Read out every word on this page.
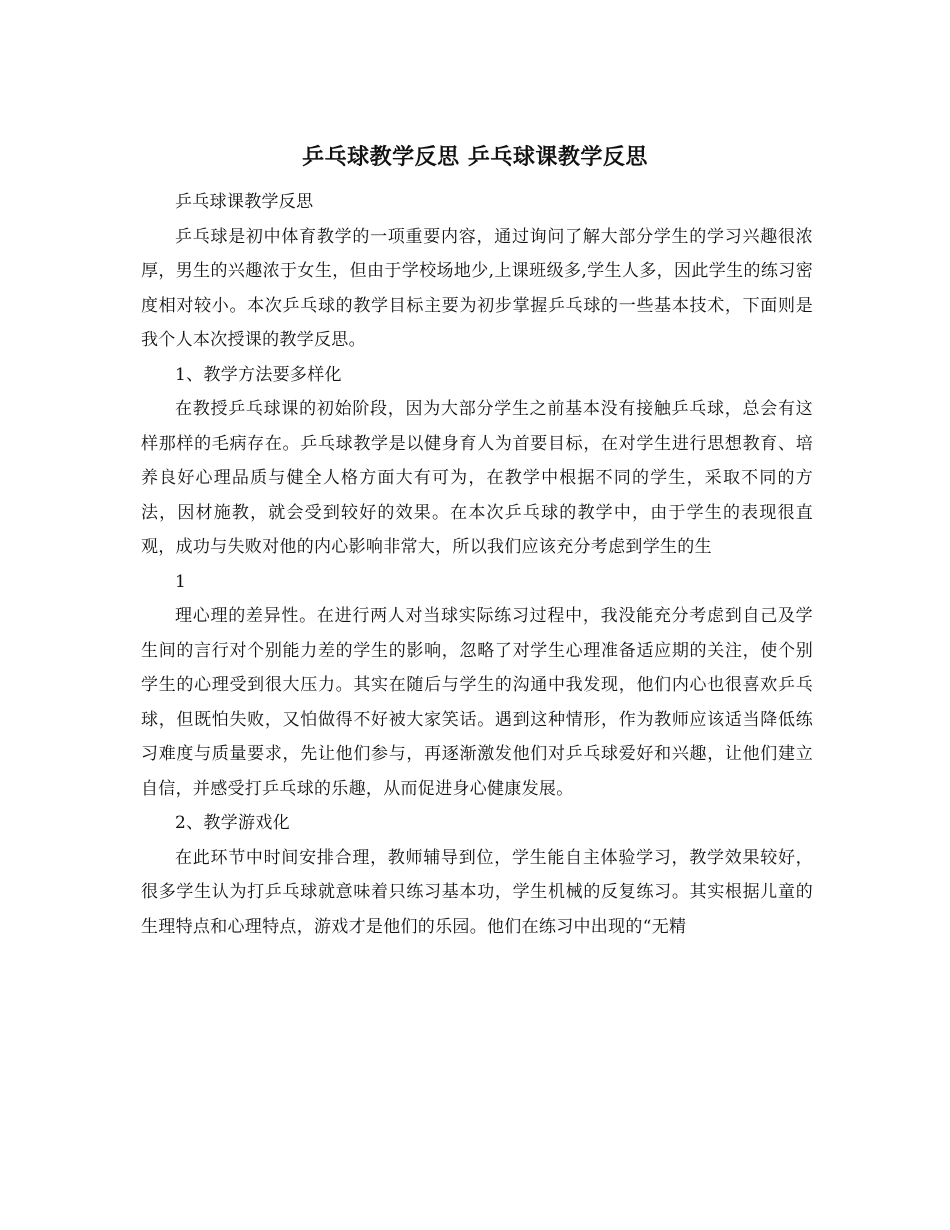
乒乓球教学反思 乒乓球课教学反思

乒乓球课教学反思

乒乓球是初中体育教学的一项重要内容，通过询问了解大部分学生的学习兴趣很浓厚，男生的兴趣浓于女生，但由于学校场地少,上课班级多,学生人多，因此学生的练习密度相对较小。本次乒乓球的教学目标主要为初步掌握乒乓球的一些基本技术，下面则是我个人本次授课的教学反思。

1、教学方法要多样化

在教授乒乓球课的初始阶段，因为大部分学生之前基本没有接触乒乓球，总会有这样那样的毛病存在。乒乓球教学是以健身育人为首要目标，在对学生进行思想教育、培养良好心理品质与健全人格方面大有可为，在教学中根据不同的学生，采取不同的方法，因材施教，就会受到较好的效果。在本次乒乓球的教学中，由于学生的表现很直观，成功与失败对他的内心影响非常大，所以我们应该充分考虑到学生的生

1

理心理的差异性。在进行两人对当球实际练习过程中，我没能充分考虑到自己及学生间的言行对个别能力差的学生的影响，忽略了对学生心理准备适应期的关注，使个别学生的心理受到很大压力。其实在随后与学生的沟通中我发现，他们内心也很喜欢乒乓球，但既怕失败，又怕做得不好被大家笑话。遇到这种情形，作为教师应该适当降低练习难度与质量要求，先让他们参与，再逐渐激发他们对乒乓球爱好和兴趣，让他们建立自信，并感受打乒乓球的乐趣，从而促进身心健康发展。

2、教学游戏化

在此环节中时间安排合理，教师辅导到位，学生能自主体验学习，教学效果较好，很多学生认为打乒乓球就意味着只练习基本功，学生机械的反复练习。其实根据儿童的生理特点和心理特点，游戏才是他们的乐园。他们在练习中出现的“无精
